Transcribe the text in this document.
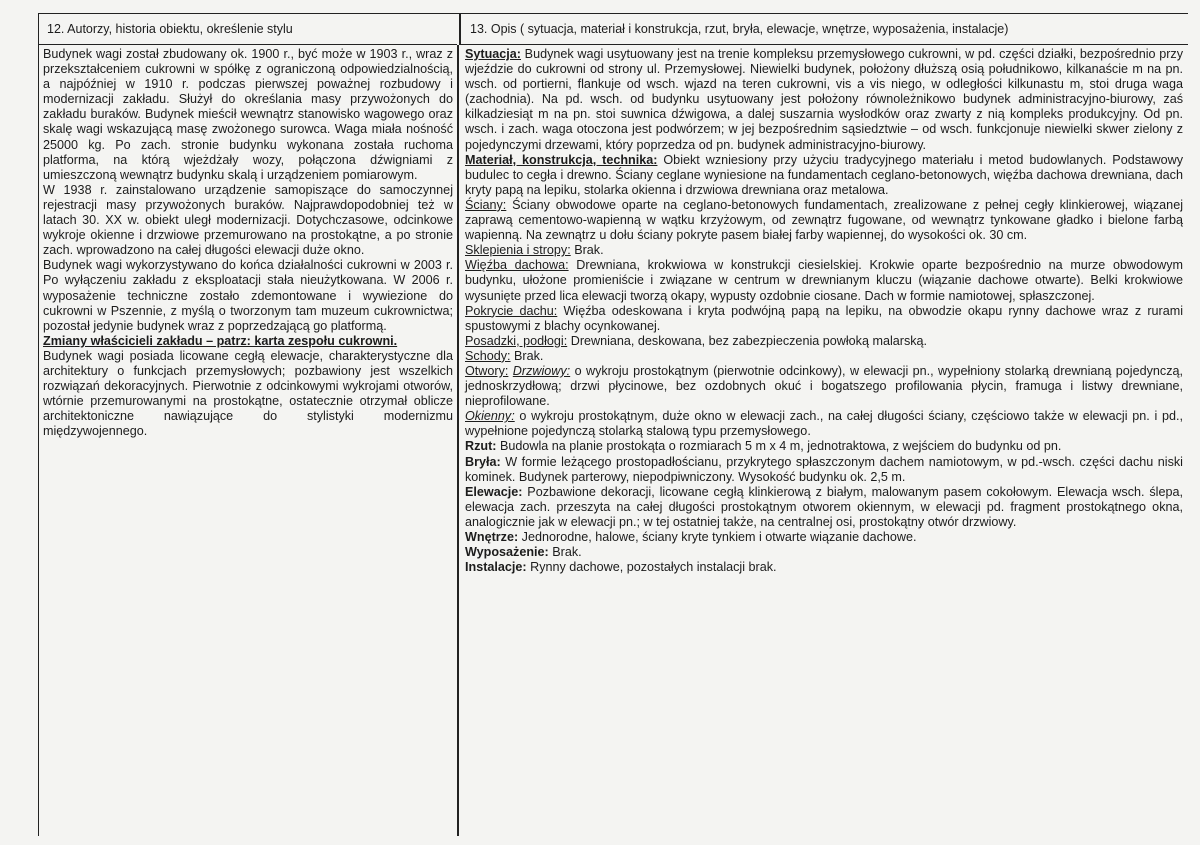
12. Autorzy, historia obiektu, określenie stylu	13. Opis ( sytuacja, materiał i konstrukcja, rzut, bryła, elewacje, wnętrze, wyposażenia, instalacje)

Budynek wagi został zbudowany ok. 1900 r., być może w 1903 r., wraz z przekształceniem cukrowni w spółkę z ograniczoną odpowiedzialnością, a najpóźniej w 1910 r. podczas pierwszej poważnej rozbudowy i modernizacji zakładu. Służył do określania masy przywożonych do zakładu buraków. Budynek mieścił wewnątrz stanowisko wagowego oraz skalę wagi wskazującą masę zwożonego surowca. Waga miała nośność 25000 kg. Po zach. stronie budynku wykonana została ruchoma platforma, na którą wjeżdżały wozy, połączona dźwigniami z umieszczoną wewnątrz budynku skalą i urządzeniem pomiarowym.

W 1938 r. zainstalowano urządzenie samopiszące do samoczynnej rejestracji masy przywożonych buraków. Najprawdopodobniej też w latach 30. XX w. obiekt uległ modernizacji. Dotychczasowe, odcinkowe wykroje okienne i drzwiowe przemurowano na prostokątne, a po stronie zach. wprowadzono na całej długości elewacji duże okno.

Budynek wagi wykorzystywano do końca działalności cukrowni w 2003 r. Po wyłączeniu zakładu z eksploatacji stała nieużytkowana. W 2006 r. wyposażenie techniczne zostało zdemontowane i wywiezione do cukrowni w Pszennie, z myślą o tworzonym tam muzeum cukrownictwa; pozostał jedynie budynek wraz z poprzedzającą go platformą.

Zmiany właścicieli zakładu – patrz: karta zespołu cukrowni.

Budynek wagi posiada licowane cegłą elewacje, charakterystyczne dla architektury o funkcjach przemysłowych; pozbawiony jest wszelkich rozwiązań dekoracyjnych. Pierwotnie z odcinkowymi wykrojami otworów, wtórnie przemurowanymi na prostokątne, ostatecznie otrzymał oblicze architektoniczne nawiązujące do stylistyki modernizmu międzywojennego.

Sytuacja: Budynek wagi usytuowany jest na trenie kompleksu przemysłowego cukrowni, w pd. części działki, bezpośrednio przy wjeździe do cukrowni od strony ul. Przemysłowej. Niewielki budynek, położony dłuższą osią południkowo, kilkanaście m na pn. wsch. od portierni, flankuje od wsch. wjazd na teren cukrowni, vis a vis niego, w odległości kilkunastu m, stoi druga waga (zachodnia). Na pd. wsch. od budynku usytuowany jest położony równoleżnikowo budynek administracyjno-biurowy, zaś kilkadziesiąt m na pn. stoi suwnica dźwigowa, a dalej suszarnia wysłodków oraz zwarty z nią kompleks produkcyjny. Od pn. wsch. i zach. waga otoczona jest podwórzem; w jej bezpośrednim sąsiedztwie – od wsch. funkcjonuje niewielki skwer zielony z pojedynczymi drzewami, który poprzedza od pn. budynek administracyjno-biurowy.

Materiał, konstrukcja, technika: Obiekt wzniesiony przy użyciu tradycyjnego materiału i metod budowlanych. Podstawowy budulec to cegła i drewno. Ściany ceglane wyniesione na fundamentach ceglano-betonowych, więźba dachowa drewniana, dach kryty papą na lepiku, stolarka okienna i drzwiowa drewniana oraz metalowa.

Ściany: Ściany obwodowe oparte na ceglano-betonowych fundamentach, zrealizowane z pełnej cegły klinkierowej, wiązanej zaprawą cementowo-wapienną w wątku krzyżowym, od zewnątrz fugowane, od wewnątrz tynkowane gładko i bielone farbą wapienną. Na zewnątrz u dołu ściany pokryte pasem białej farby wapiennej, do wysokości ok. 30 cm.

Sklepienia i stropy: Brak.

Więźba dachowa: Drewniana, krokwiowa w konstrukcji ciesielskiej. Krokwie oparte bezpośrednio na murze obwodowym budynku, ułożone promieniście i związane w centrum w drewnianym kluczu (wiązanie dachowe otwarte). Belki krokwiowe wysunięte przed lica elewacji tworzą okapy, wypusty ozdobnie ciosane. Dach w formie namiotowej, spłaszczonej.

Pokrycie dachu: Więźba odeskowana i kryta podwójną papą na lepiku, na obwodzie okapu rynny dachowe wraz z rurami spustowymi z blachy ocynkowanej.

Posadzki, podłogi: Drewniana, deskowana, bez zabezpieczenia powłoką malarską.

Schody: Brak.

Otwory: Drzwiowy: o wykroju prostokątnym (pierwotnie odcinkowy), w elewacji pn., wypełniony stolarką drewnianą pojedynczą, jednoskrzydłową; drzwi płycinowe, bez ozdobnych okuć i bogatszego profilowania płycin, framuga i listwy drewniane, nieprofilowane.

Okienny: o wykroju prostokątnym, duże okno w elewacji zach., na całej długości ściany, częściowo także w elewacji pn. i pd., wypełnione pojedynczą stolarką stalową typu przemysłowego.

Rzut: Budowla na planie prostokąta o rozmiarach 5 m x 4 m, jednotraktowa, z wejściem do budynku od pn.

Bryła: W formie leżącego prostopadłościanu, przykrytego spłaszczonym dachem namiotowym, w pd.-wsch. części dachu niski kominek. Budynek parterowy, niepodpiwniczony. Wysokość budynku ok. 2,5 m.

Elewacje: Pozbawione dekoracji, licowane cegłą klinkierową z białym, malowanym pasem cokołowym. Elewacja wsch. ślepa, elewacja zach. przeszyta na całej długości prostokątnym otworem okiennym, w elewacji pd. fragment prostokątnego okna, analogicznie jak w elewacji pn.; w tej ostatniej także, na centralnej osi, prostokątny otwór drzwiowy.

Wnętrze: Jednorodne, halowe, ściany kryte tynkiem i otwarte wiązanie dachowe.

Wyposażenie: Brak.

Instalacje: Rynny dachowe, pozostałych instalacji brak.
